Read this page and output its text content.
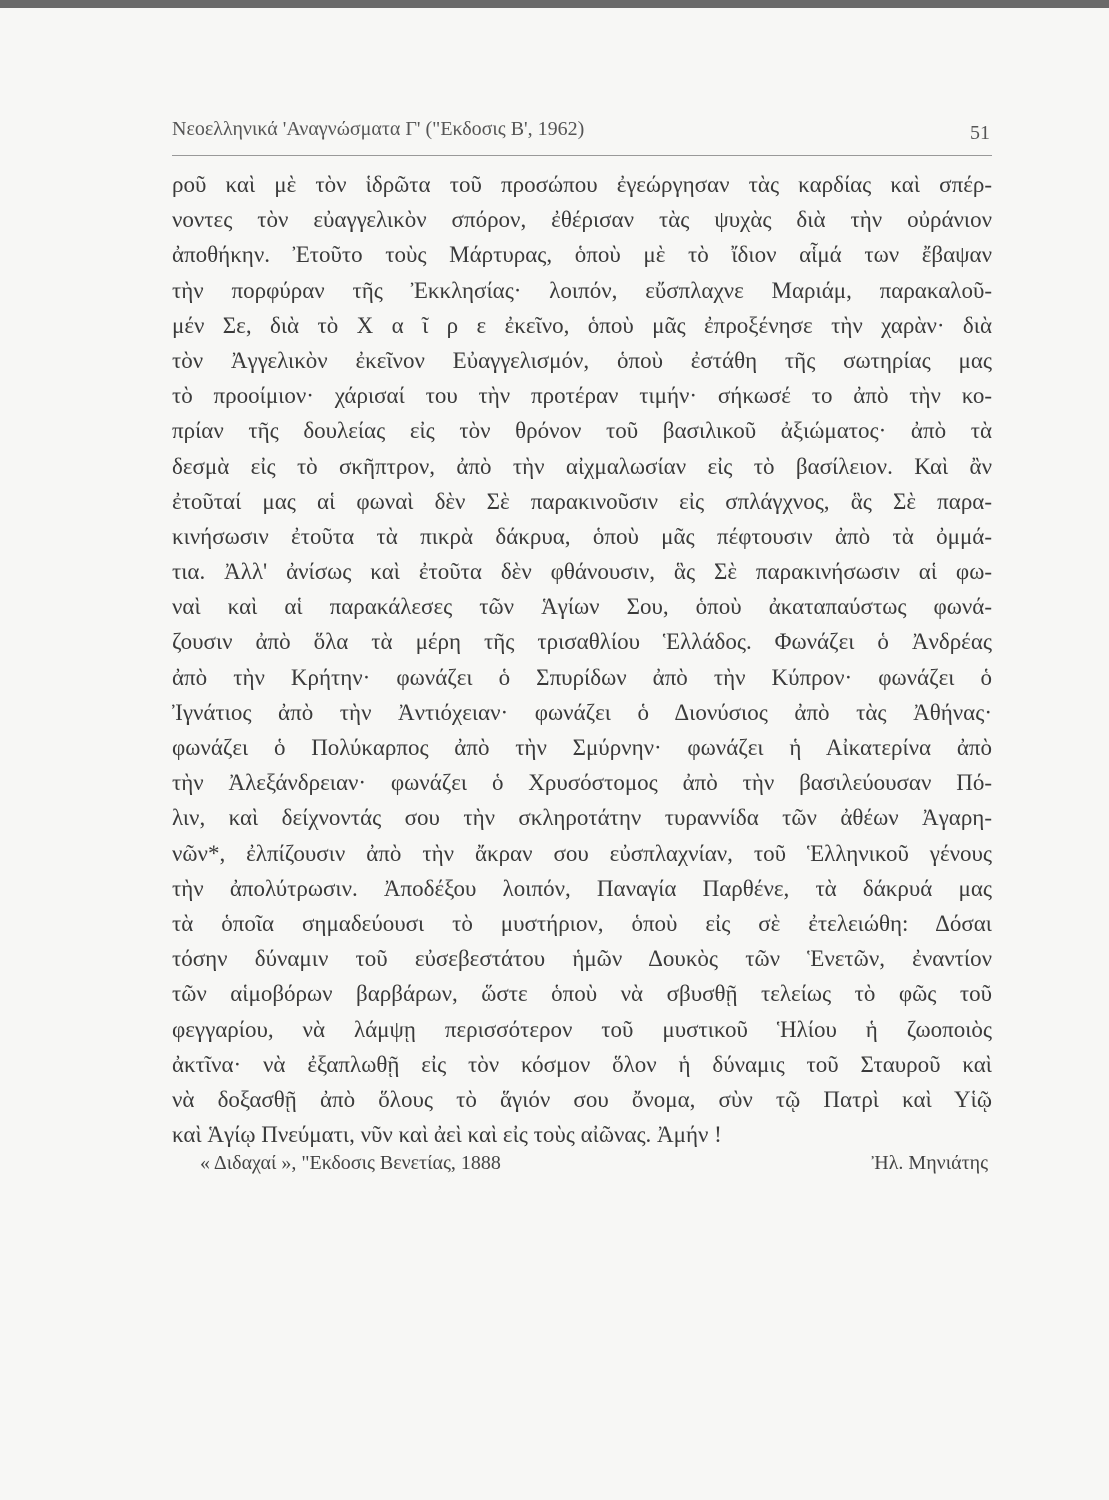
Νεοελληνικά 'Αναγνώσματα Γ' ("Εκδοσις Β', 1962)	51
ροῦ καὶ μὲ τὸν ἱδρῶτα τοῦ προσώπου ἐγεώργησαν τὰς καρδίας καὶ σπέρ-
νοντες τὸν εὐαγγελικὸν σπόρον, ἐθέρισαν τὰς ψυχὰς διὰ τὴν οὐράνιον
ἀποθήκην. Ἐτοῦτο τοὺς Μάρτυρας, ὁποὺ μὲ τὸ ἴδιον αἷμά των ἔβαψαν
τὴν πορφύραν τῆς Ἐκκλησίας· λοιπόν, εὔσπλαχνε Μαριάμ, παρακαλοῦ-
μέν Σε, διὰ τὸ Χ α ῖ ρ ε ἐκεῖνο, ὁποὺ μᾶς ἐπροξένησε τὴν χαρὰν· διὰ
τὸν Ἀγγελικὸν ἐκεῖνον Εὐαγγελισμόν, ὁποὺ ἐστάθη τῆς σωτηρίας μας
τὸ προοίμιον· χάρισαί του τὴν προτέραν τιμήν· σήκωσέ το ἀπὸ τὴν κο-
πρίαν τῆς δουλείας εἰς τὸν θρόνον τοῦ βασιλικοῦ ἀξιώματος· ἀπὸ τὰ
δεσμὰ εἰς τὸ σκῆπτρον, ἀπὸ τὴν αἰχμαλωσίαν εἰς τὸ βασίλειον. Καὶ ἂν
ἐτοῦταί μας αἱ φωναὶ δὲν Σὲ παρακινοῦσιν εἰς σπλάγχνος, ἃς Σὲ παρα-
κινήσωσιν ἐτοῦτα τὰ πικρὰ δάκρυα, ὁποὺ μᾶς πέφτουσιν ἀπὸ τὰ ὀμμά-
τια. Ἀλλ' ἀνίσως καὶ ἐτοῦτα δὲν φθάνουσιν, ἃς Σὲ παρακινήσωσιν αἱ φω-
ναὶ καὶ αἱ παρακάλεσες τῶν Ἁγίων Σου, ὁποὺ ἀκαταπαύστως φωνά-
ζουσιν ἀπὸ ὅλα τὰ μέρη τῆς τρισαθλίου Ἑλλάδος. Φωνάζει ὁ Ἀνδρέας
ἀπὸ τὴν Κρήτην· φωνάζει ὁ Σπυρίδων ἀπὸ τὴν Κύπρον· φωνάζει ὁ
Ἰγνάτιος ἀπὸ τὴν Ἀντιόχειαν· φωνάζει ὁ Διονύσιος ἀπὸ τὰς Ἀθήνας·
φωνάζει ὁ Πολύκαρπος ἀπὸ τὴν Σμύρνην· φωνάζει ἡ Αἰκατερίνα ἀπὸ
τὴν Ἀλεξάνδρειαν· φωνάζει ὁ Χρυσόστομος ἀπὸ τὴν βασιλεύουσαν Πό-
λιν, καὶ δείχνοντάς σου τὴν σκληροτάτην τυραννίδα τῶν ἀθέων Ἀγαρη-
νῶν*, ἐλπίζουσιν ἀπὸ τὴν ἄκραν σου εὐσπλαχνίαν, τοῦ Ἑλληνικοῦ γένους
τὴν ἀπολύτρωσιν. Ἀποδέξου λοιπόν, Παναγία Παρθένε, τὰ δάκρυά μας
τὰ ὁποῖα σημαδεύουσι τὸ μυστήριον, ὁποὺ εἰς σὲ ἐτελειώθη: Δόσαι
τόσην δύναμιν τοῦ εὐσεβεστάτου ἡμῶν Δουκὸς τῶν Ἑνετῶν, ἐναντίον
τῶν αἱμοβόρων βαρβάρων, ὥστε ὁποὺ νὰ σβυσθῇ τελείως τὸ φῶς τοῦ
φεγγαρίου, νὰ λάμψῃ περισσότερον τοῦ μυστικοῦ Ἡλίου ἡ ζωοποιὸς
ἀκτῖνα· νὰ ἐξαπλωθῇ εἰς τὸν κόσμον ὅλον ἡ δύναμις τοῦ Σταυροῦ καὶ
νὰ δοξασθῇ ἀπὸ ὅλους τὸ ἅγιόν σου ὄνομα, σὺν τῷ Πατρὶ καὶ Υἱῷ
καὶ Ἁγίῳ Πνεύματι, νῦν καὶ ἀεὶ καὶ εἰς τοὺς αἰῶνας. Ἀμήν !
« Διδαχαί », "Εκδοσις Βενετίας, 1888	Ἠλ. Μηνιάτης
